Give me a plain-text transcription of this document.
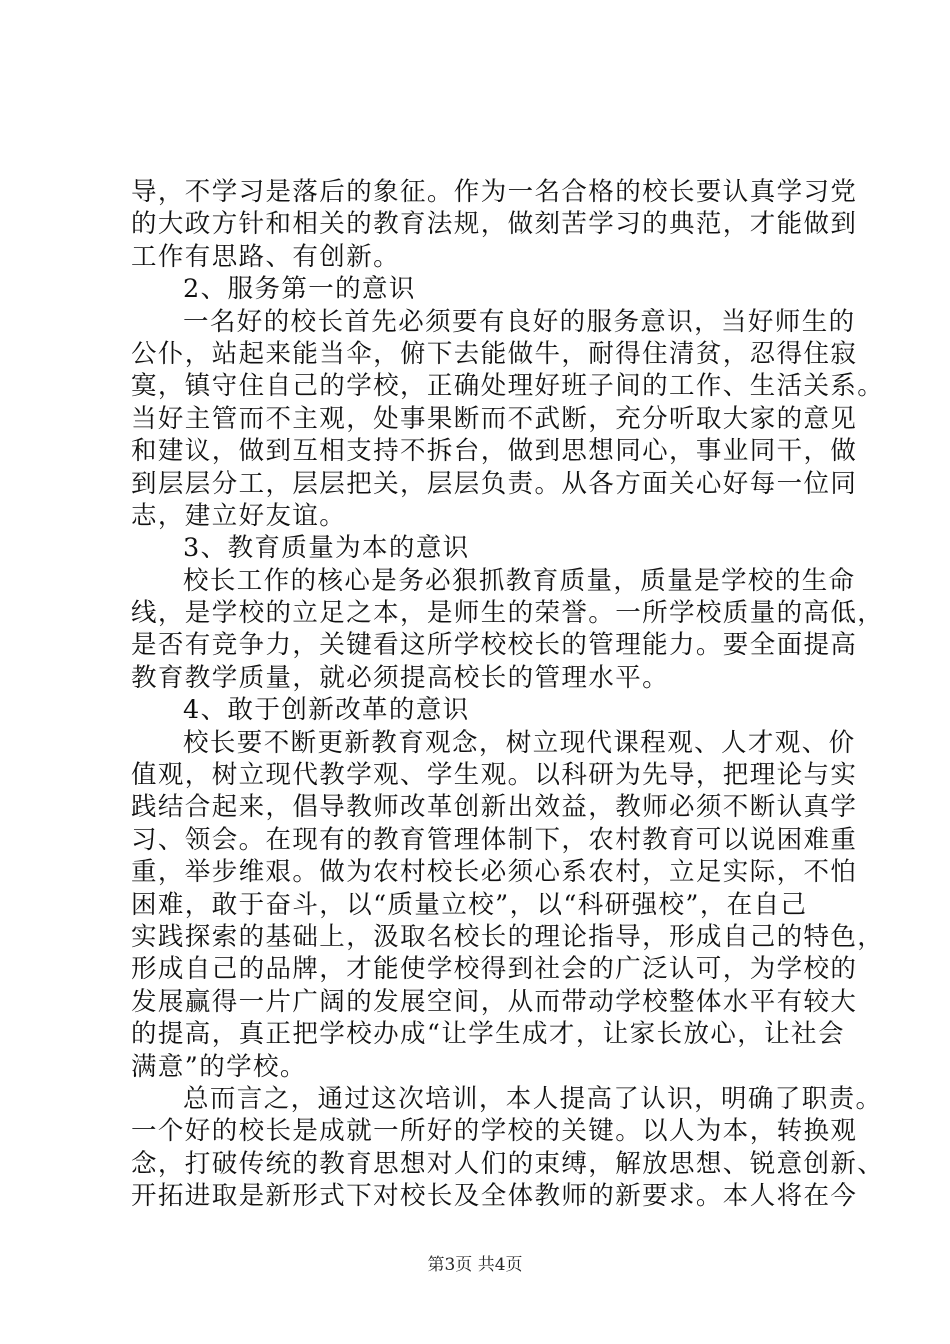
导，不学习是落后的象征。作为一名合格的校长要认真学习党
的大政方针和相关的教育法规，做刻苦学习的典范，才能做到
工作有思路、有创新。
2、服务第一的意识
一名好的校长首先必须要有良好的服务意识，当好师生的
公仆，站起来能当伞，俯下去能做牛，耐得住清贫，忍得住寂
寞，镇守住自己的学校，正确处理好班子间的工作、生活关系。
当好主管而不主观，处事果断而不武断，充分听取大家的意见
和建议，做到互相支持不拆台，做到思想同心，事业同干，做
到层层分工，层层把关，层层负责。从各方面关心好每一位同
志，建立好友谊。
3、教育质量为本的意识
校长工作的核心是务必狠抓教育质量，质量是学校的生命
线，是学校的立足之本，是师生的荣誉。一所学校质量的高低，
是否有竞争力，关键看这所学校校长的管理能力。要全面提高
教育教学质量，就必须提高校长的管理水平。
4、敢于创新改革的意识
校长要不断更新教育观念，树立现代课程观、人才观、价
值观，树立现代教学观、学生观。以科研为先导，把理论与实
践结合起来，倡导教师改革创新出效益，教师必须不断认真学
习、领会。在现有的教育管理体制下，农村教育可以说困难重
重，举步维艰。做为农村校长必须心系农村，立足实际，不怕
困难，敢于奋斗，以“质量立校”，以“科研强校”，在自己
实践探索的基础上，汲取名校长的理论指导，形成自己的特色，
形成自己的品牌，才能使学校得到社会的广泛认可，为学校的
发展赢得一片广阔的发展空间，从而带动学校整体水平有较大
的提高，真正把学校办成“让学生成才，让家长放心，让社会
满意”的学校。
总而言之，通过这次培训，本人提高了认识，明确了职责。
一个好的校长是成就一所好的学校的关键。以人为本，转换观
念，打破传统的教育思想对人们的束缚，解放思想、锐意创新、
开拓进取是新形式下对校长及全体教师的新要求。本人将在今
第3页 共4页
